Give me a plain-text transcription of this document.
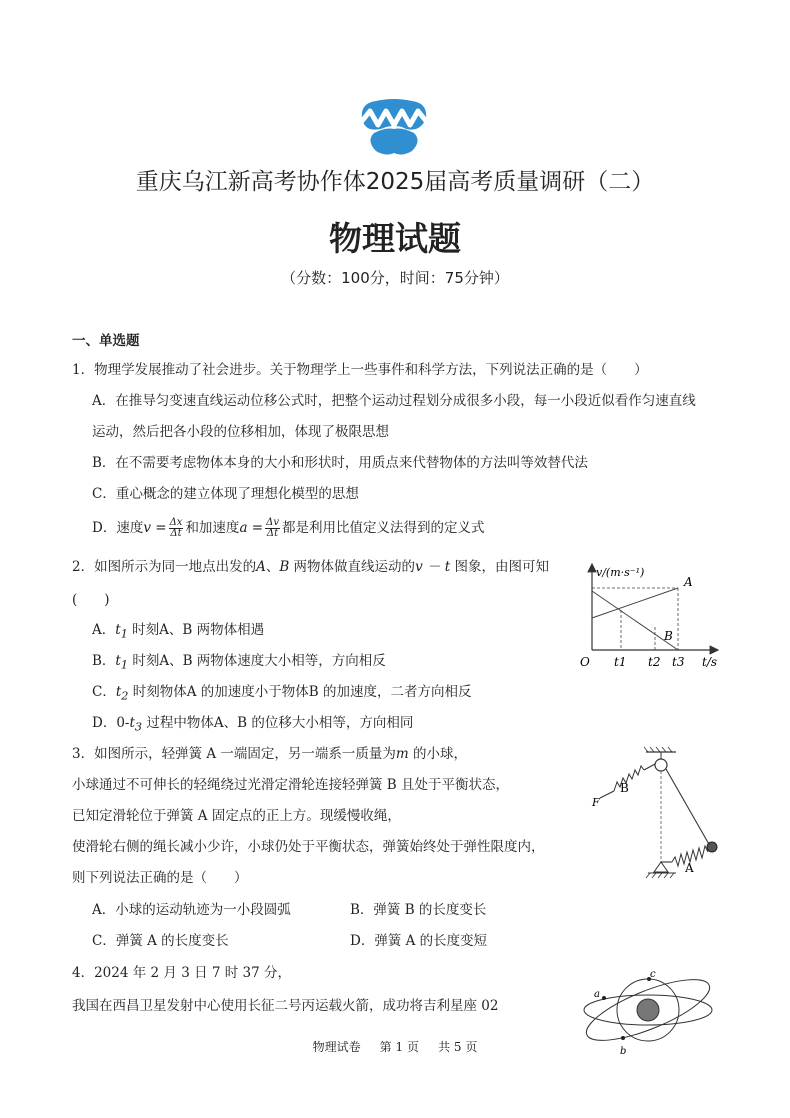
重庆乌江新高考协作体2025届高考质量调研（二）
物理试题
（分数：100分，时间：75分钟）
一、单选题
1．物理学发展推动了社会进步。关于物理学上一些事件和科学方法，下列说法正确的是（　　）
A．在推导匀变速直线运动位移公式时，把整个运动过程划分成很多小段，每一小段近似看作匀速直线
运动，然后把各小段的位移相加，体现了极限思想
B．在不需要考虑物体本身的大小和形状时，用质点来代替物体的方法叫等效替代法
C．重心概念的建立体现了理想化模型的思想
D．速度$v = \frac{\Delta x}{\Delta t}$ 和加速度$a = \frac{\Delta v}{\Delta t}$ 都是利用比值定义法得到的定义式
2．如图所示为同一地点出发的A、B 两物体做直线运动的v － t 图象，由图可知
(　　)
A．$t_1$ 时刻A、B 两物体相遇
B．$t_1$ 时刻A、B 两物体速度大小相等，方向相反
C．$t_2$ 时刻物体A 的加速度小于物体B 的加速度，二者方向相反
D．$0-t_3$ 过程中物体A、B 的位移大小相等，方向相同
v/(m·s⁻¹)
A
B
O t1 t2 t3 t/s
3．如图所示，轻弹簧 A 一端固定，另一端系一质量为m 的小球，
小球通过不可伸长的轻绳绕过光滑定滑轮连接轻弹簧 B 且处于平衡状态，
已知定滑轮位于弹簧 A 固定点的正上方。现缓慢收绳，
使滑轮右侧的绳长减小少许，小球仍处于平衡状态，弹簧始终处于弹性限度内，
则下列说法正确的是（　　）
A．小球的运动轨迹为一小段圆弧	B．弹簧 B 的长度变长
C．弹簧 A 的长度变长	D．弹簧 A 的长度变短
B
A
F
4．2024 年 2 月 3 日 7 时 37 分，
我国在西昌卫星发射中心使用长征二号丙运载火箭，成功将吉利星座 02
a
b
c
物理试卷 第 1 页 共 5 页
